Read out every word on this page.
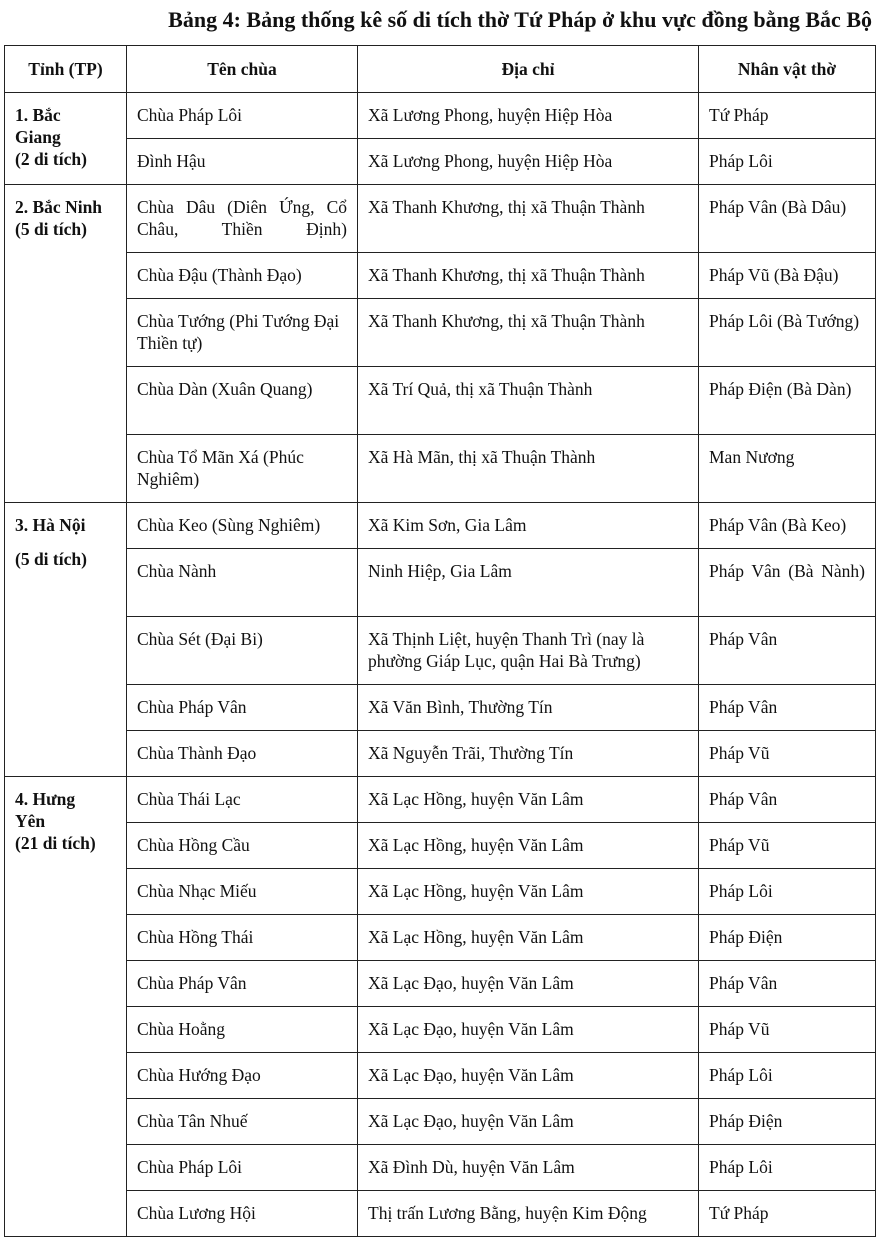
Bảng 4: Bảng thống kê số di tích thờ Tứ Pháp ở khu vực đồng bằng Bắc Bộ
Tỉnh (TP)	Tên chùa	Địa chỉ	Nhân vật thờ

1. Bắc
Giang
(2 di tích)	Chùa Pháp Lôi	Xã Lương Phong, huyện Hiệp Hòa	Tứ Pháp
	Đình Hậu	Xã Lương Phong, huyện Hiệp Hòa	Pháp Lôi

2. Bắc Ninh
(5 di tích)	Chùa Dâu (Diên Ứng, Cổ Châu, Thiền Định)	Xã Thanh Khương, thị xã Thuận Thành	Pháp Vân (Bà Dâu)
	Chùa Đậu (Thành Đạo)	Xã Thanh Khương, thị xã Thuận Thành	Pháp Vũ (Bà Đậu)
	Chùa Tướng (Phi Tướng Đại Thiền tự)	Xã Thanh Khương, thị xã Thuận Thành	Pháp Lôi (Bà Tướng)
	Chùa Dàn (Xuân Quang)	Xã Trí Quả, thị xã Thuận Thành	Pháp Điện (Bà Dàn)
	Chùa Tổ Mãn Xá (Phúc Nghiêm)	Xã Hà Mãn, thị xã Thuận Thành	Man Nương

3. Hà Nội
(5 di tích)	Chùa Keo (Sùng Nghiêm)	Xã Kim Sơn, Gia Lâm	Pháp Vân (Bà Keo)
	Chùa Nành	Ninh Hiệp, Gia Lâm	Pháp Vân (Bà Nành)
	Chùa Sét (Đại Bi)	Xã Thịnh Liệt, huyện Thanh Trì (nay là phường Giáp Lục, quận Hai Bà Trưng)	Pháp Vân
	Chùa Pháp Vân	Xã Văn Bình, Thường Tín	Pháp Vân
	Chùa Thành Đạo	Xã Nguyễn Trãi, Thường Tín	Pháp Vũ

4. Hưng
Yên
(21 di tích)	Chùa Thái Lạc	Xã Lạc Hồng, huyện Văn Lâm	Pháp Vân
	Chùa Hồng Cầu	Xã Lạc Hồng, huyện Văn Lâm	Pháp Vũ
	Chùa Nhạc Miếu	Xã Lạc Hồng, huyện Văn Lâm	Pháp Lôi
	Chùa Hồng Thái	Xã Lạc Hồng, huyện Văn Lâm	Pháp Điện
	Chùa Pháp Vân	Xã Lạc Đạo, huyện Văn Lâm	Pháp Vân
	Chùa Hoằng	Xã Lạc Đạo, huyện Văn Lâm	Pháp Vũ
	Chùa Hướng Đạo	Xã Lạc Đạo, huyện Văn Lâm	Pháp Lôi
	Chùa Tân Nhuế	Xã Lạc Đạo, huyện Văn Lâm	Pháp Điện
	Chùa Pháp Lôi	Xã Đình Dù, huyện Văn Lâm	Pháp Lôi
	Chùa Lương Hội	Thị trấn Lương Bằng, huyện Kim Động	Tứ Pháp
